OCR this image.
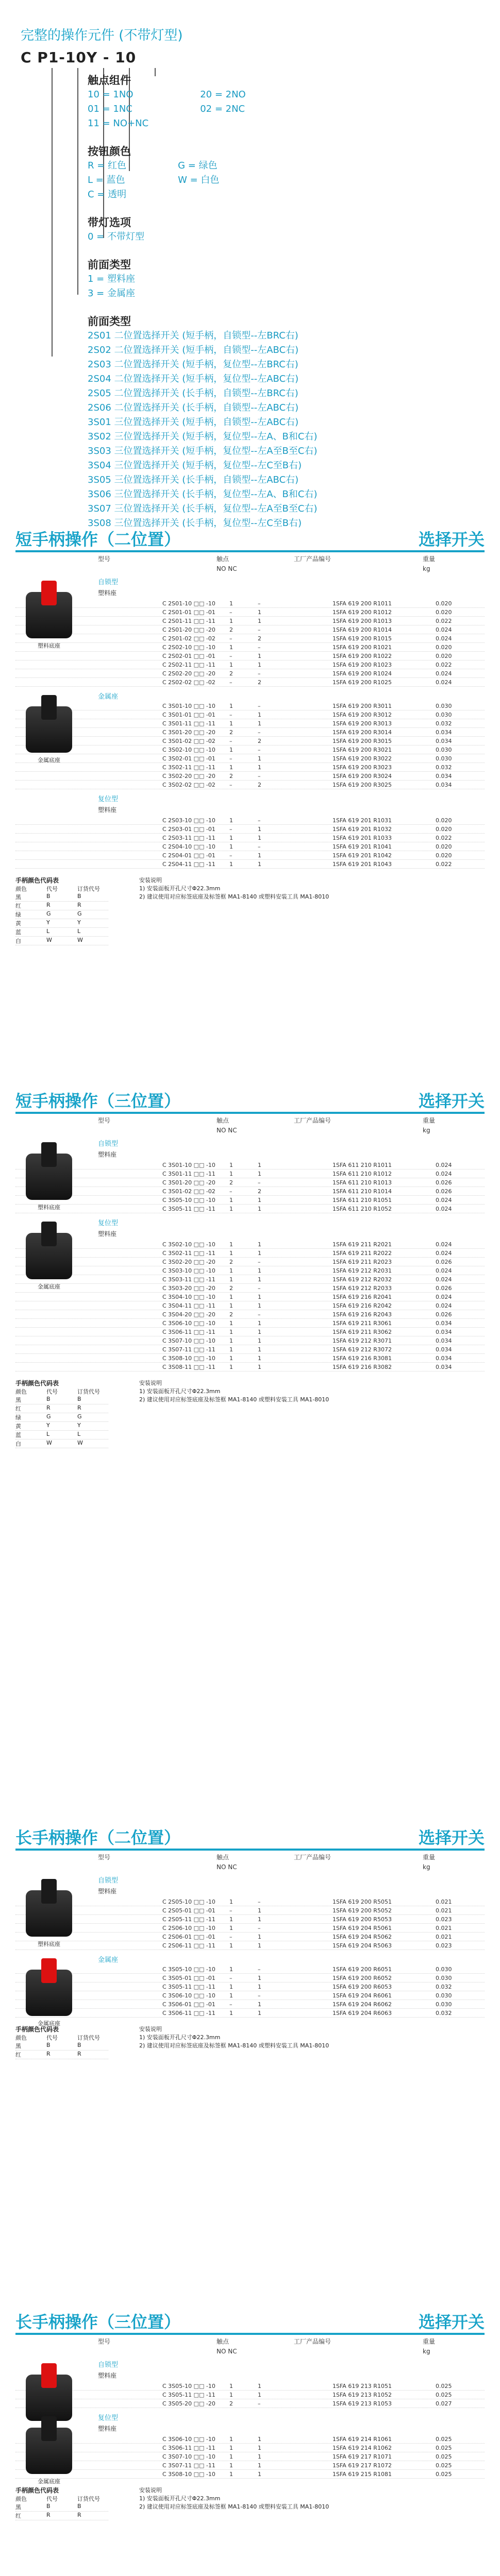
完整的操作元件 (不带灯型)
C P1-10Y - 10
触点组件
10 = 1NO
01 = 1NC
11 = NO+NC
20 = 2NO
02 = 2NC
按钮颜色
R = 红色
L = 蓝色
C = 透明
G = 绿色
W = 白色
带灯选项
0 = 不带灯型
前面类型
1 = 塑料座
3 = 金属座
前面类型
2S01 二位置选择开关 (短手柄，自锁型--左BRC右)
2S02 二位置选择开关 (短手柄，自锁型--左ABC右)
2S03 二位置选择开关 (短手柄，复位型--左BRC右)
2S04 二位置选择开关 (短手柄，复位型--左ABC右)
2S05 二位置选择开关 (长手柄，自锁型--左BRC右)
2S06 二位置选择开关 (长手柄，自锁型--左ABC右)
3S01 三位置选择开关 (短手柄，自锁型--左ABC右)
3S02 三位置选择开关 (短手柄，复位型--左A、B和C右)
3S03 三位置选择开关 (短手柄，复位型--左A至B至C右)
3S04 三位置选择开关 (短手柄，复位型--左C至B右)
3S05 三位置选择开关 (长手柄，自锁型--左ABC右)
3S06 三位置选择开关 (长手柄，复位型--左A、B和C右)
3S07 三位置选择开关 (长手柄，复位型--左A至B至C右)
3S08 三位置选择开关 (长手柄，复位型--左C至B右)
短手柄操作（二位置）	选择开关
型号	触点	工厂产品编号	重量
NO NC	kg
自锁型
塑料座
塑料底座
C 2S01-10 □□ -10	1	–	1SFA 619 200 R1011	0.020
C 2S01-01 □□ -01	–	1	1SFA 619 200 R1012	0.020
C 2S01-11 □□ -11	1	1	1SFA 619 200 R1013	0.022
C 2S01-20 □□ -20	2	–	1SFA 619 200 R1014	0.024
C 2S01-02 □□ -02	–	2	1SFA 619 200 R1015	0.024
C 2S02-10 □□ -10	1	–	1SFA 619 200 R1021	0.020
C 2S02-01 □□ -01	–	1	1SFA 619 200 R1022	0.020
C 2S02-11 □□ -11	1	1	1SFA 619 200 R1023	0.022
C 2S02-20 □□ -20	2	–	1SFA 619 200 R1024	0.024
C 2S02-02 □□ -02	–	2	1SFA 619 200 R1025	0.024
金属座
金属底座
C 3S01-10 □□ -10	1	–	1SFA 619 200 R3011	0.030
C 3S01-01 □□ -01	–	1	1SFA 619 200 R3012	0.030
C 3S01-11 □□ -11	1	1	1SFA 619 200 R3013	0.032
C 3S01-20 □□ -20	2	–	1SFA 619 200 R3014	0.034
C 3S01-02 □□ -02	–	2	1SFA 619 200 R3015	0.034
C 3S02-10 □□ -10	1	–	1SFA 619 200 R3021	0.030
C 3S02-01 □□ -01	–	1	1SFA 619 200 R3022	0.030
C 3S02-11 □□ -11	1	1	1SFA 619 200 R3023	0.032
C 3S02-20 □□ -20	2	–	1SFA 619 200 R3024	0.034
C 3S02-02 □□ -02	–	2	1SFA 619 200 R3025	0.034
复位型
塑料座
C 2S03-10 □□ -10	1	–	1SFA 619 201 R1031	0.020
C 2S03-01 □□ -01	–	1	1SFA 619 201 R1032	0.020
C 2S03-11 □□ -11	1	1	1SFA 619 201 R1033	0.022
C 2S04-10 □□ -10	1	–	1SFA 619 201 R1041	0.020
C 2S04-01 □□ -01	–	1	1SFA 619 201 R1042	0.020
C 2S04-11 □□ -11	1	1	1SFA 619 201 R1043	0.022
手柄颜色代码表
颜色	代号	订货代号
黑	B	B
红	R	R
绿	G	G
黄	Y	Y
蓝	L	L
白	W	W
安装说明
1) 安装面板开孔尺寸Φ22.3mm
2) 建议使用对应标签底座及标签框 MA1-8140 或塑料安装工具 MA1-8010
短手柄操作（三位置）	选择开关
型号	触点	工厂产品编号	重量
NO NC	kg
自锁型
塑料座
塑料底座
C 3S01-10 □□ -10	1	1	1SFA 611 210 R1011	0.024
C 3S01-11 □□ -11	1	1	1SFA 611 210 R1012	0.024
C 3S01-20 □□ -20	2	–	1SFA 611 210 R1013	0.026
C 3S01-02 □□ -02	–	2	1SFA 611 210 R1014	0.026
C 3S05-10 □□ -10	1	1	1SFA 611 210 R1051	0.024
C 3S05-11 □□ -11	1	1	1SFA 611 210 R1052	0.024
复位型
塑料座
金属底座
C 3S02-10 □□ -10	1	1	1SFA 619 211 R2021	0.024
C 3S02-11 □□ -11	1	1	1SFA 619 211 R2022	0.024
C 3S02-20 □□ -20	2	–	1SFA 619 211 R2023	0.026
C 3S03-10 □□ -10	1	1	1SFA 619 212 R2031	0.024
C 3S03-11 □□ -11	1	1	1SFA 619 212 R2032	0.024
C 3S03-20 □□ -20	2	–	1SFA 619 212 R2033	0.026
C 3S04-10 □□ -10	1	1	1SFA 619 216 R2041	0.024
C 3S04-11 □□ -11	1	1	1SFA 619 216 R2042	0.024
C 3S04-20 □□ -20	2	–	1SFA 619 216 R2043	0.026
C 3S06-10 □□ -10	1	1	1SFA 619 211 R3061	0.034
C 3S06-11 □□ -11	1	1	1SFA 619 211 R3062	0.034
C 3S07-10 □□ -10	1	1	1SFA 619 212 R3071	0.034
C 3S07-11 □□ -11	1	1	1SFA 619 212 R3072	0.034
C 3S08-10 □□ -10	1	1	1SFA 619 216 R3081	0.034
C 3S08-11 □□ -11	1	1	1SFA 619 216 R3082	0.034
手柄颜色代码表
颜色	代号	订货代号
黑	B	B
红	R	R
绿	G	G
黄	Y	Y
蓝	L	L
白	W	W
安装说明
1) 安装面板开孔尺寸Φ22.3mm
2) 建议使用对应标签底座及标签框 MA1-8140 或塑料安装工具 MA1-8010
长手柄操作（二位置）	选择开关
型号	触点	工厂产品编号	重量
NO NC	kg
自锁型
塑料座
塑料底座
C 2S05-10 □□ -10	1	–	1SFA 619 200 R5051	0.021
C 2S05-01 □□ -01	–	1	1SFA 619 200 R5052	0.021
C 2S05-11 □□ -11	1	1	1SFA 619 200 R5053	0.023
C 2S06-10 □□ -10	1	–	1SFA 619 204 R5061	0.021
C 2S06-01 □□ -01	–	1	1SFA 619 204 R5062	0.021
C 2S06-11 □□ -11	1	1	1SFA 619 204 R5063	0.023
金属座
金属底座
C 3S05-10 □□ -10	1	–	1SFA 619 200 R6051	0.030
C 3S05-01 □□ -01	–	1	1SFA 619 200 R6052	0.030
C 3S05-11 □□ -11	1	1	1SFA 619 200 R6053	0.032
C 3S06-10 □□ -10	1	–	1SFA 619 204 R6061	0.030
C 3S06-01 □□ -01	–	1	1SFA 619 204 R6062	0.030
C 3S06-11 □□ -11	1	1	1SFA 619 204 R6063	0.032
手柄颜色代码表
颜色	代号	订货代号
黑	B	B
红	R	R
安装说明
1) 安装面板开孔尺寸Φ22.3mm
2) 建议使用对应标签底座及标签框 MA1-8140 或塑料安装工具 MA1-8010
长手柄操作（三位置）	选择开关
型号	触点	工厂产品编号	重量
NO NC	kg
自锁型
塑料座
C 3S05-10 □□ -10	1	1	1SFA 619 213 R1051	0.025
C 3S05-11 □□ -11	1	1	1SFA 619 213 R1052	0.025
C 3S05-20 □□ -20	2	–	1SFA 619 213 R1053	0.027
复位型
塑料座
金属底座
C 3S06-10 □□ -10	1	1	1SFA 619 214 R1061	0.025
C 3S06-11 □□ -11	1	1	1SFA 619 214 R1062	0.025
C 3S07-10 □□ -10	1	1	1SFA 619 217 R1071	0.025
C 3S07-11 □□ -11	1	1	1SFA 619 217 R1072	0.025
C 3S08-10 □□ -10	1	1	1SFA 619 215 R1081	0.025
手柄颜色代码表
颜色	代号	订货代号
黑	B	B
红	R	R
安装说明
1) 安装面板开孔尺寸Φ22.3mm
2) 建议使用对应标签底座及标签框 MA1-8140 或塑料安装工具 MA1-8010
